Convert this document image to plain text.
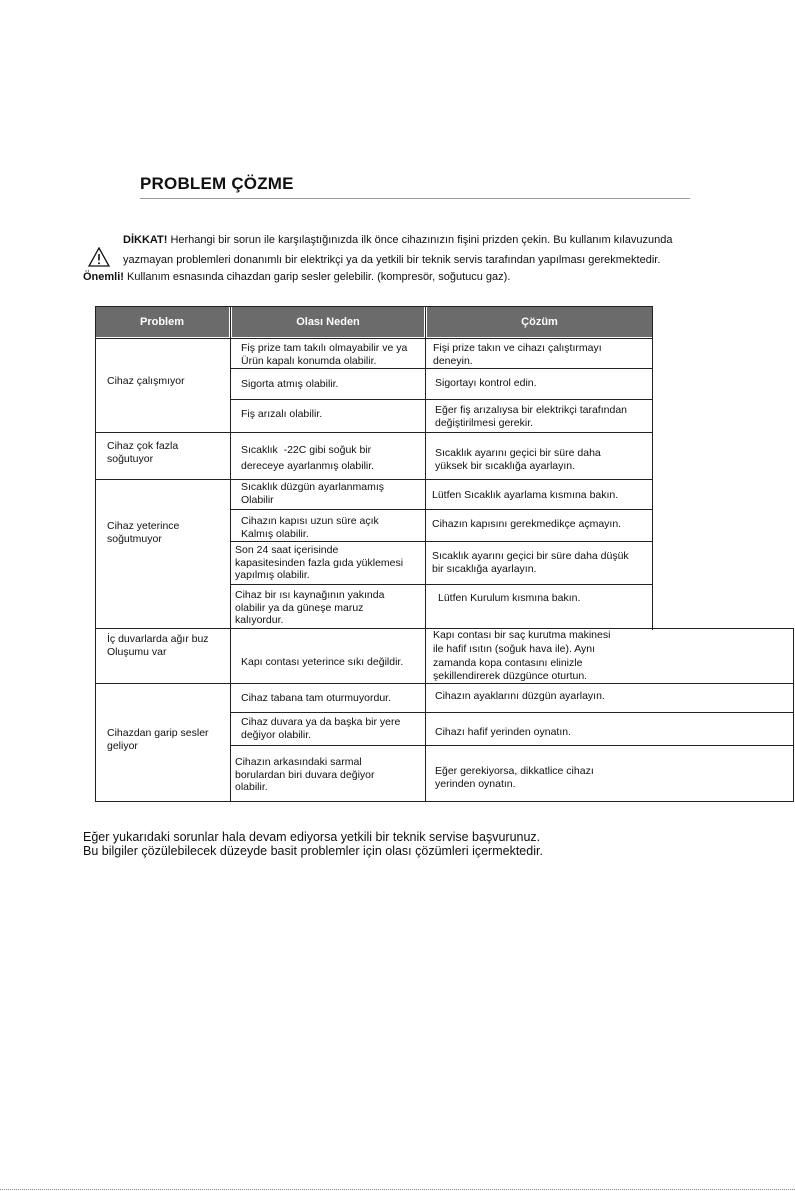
PROBLEM ÇÖZME
DİKKAT! Herhangi bir sorun ile karşılaştığınızda ilk önce cihazınızın fişini prizden çekin. Bu kullanım kılavuzunda
yazmayan problemleri donanımlı bir elektrikçi ya da yetkili bir teknik servis tarafından yapılması gerekmektedir.
Önemli! Kullanım esnasında cihazdan garip sesler gelebilir. (kompresör, soğutucu gaz).
Problem	Olası Neden	Çözüm
Cihaz çalışmıyor
Cihaz çok fazla
soğutuyor
Cihaz yeterince
soğutmuyor
İç duvarlarda ağır buz
Oluşumu var
Cihazdan garip sesler
geliyor
Fiş prize tam takılı olmayabilir ve ya
Ürün kapalı konumda olabilir.
Sigorta atmış olabilir.
Fiş arızalı olabilir.
Sıcaklık  -22C gibi soğuk bir
dereceye ayarlanmış olabilir.
Sıcaklık düzgün ayarlanmamış
Olabilir
Cihazın kapısı uzun süre açık
Kalmış olabilir.
Son 24 saat içerisinde
kapasitesinden fazla gıda yüklemesi
yapılmış olabilir.
Cihaz bir ısı kaynağının yakında
olabilir ya da güneşe maruz
kalıyordur.
Kapı contası yeterince sıkı değildir.
Cihaz tabana tam oturmuyordur.
Cihaz duvara ya da başka bir yere
değiyor olabilir.
Cihazın arkasındaki sarmal
borulardan biri duvara değiyor
olabilir.
Fişi prize takın ve cihazı çalıştırmayı
deneyin.
Sigortayı kontrol edin.
Eğer fiş arızalıysa bir elektrikçi tarafından
değiştirilmesi gerekir.
Sıcaklık ayarını geçici bir süre daha
yüksek bir sıcaklığa ayarlayın.
Lütfen Sıcaklık ayarlama kısmına bakın.
Cihazın kapısını gerekmedikçe açmayın.
Sıcaklık ayarını geçici bir süre daha düşük
bir sıcaklığa ayarlayın.
Lütfen Kurulum kısmına bakın.
Kapı contası bir saç kurutma makinesi
ile hafif ısıtın (soğuk hava ile). Aynı
zamanda kopa contasını elinizle
şekillendirerek düzgünce oturtun.
Cihazın ayaklarını düzgün ayarlayın.
Cihazı hafif yerinden oynatın.
Eğer gerekiyorsa, dikkatlice cihazı
yerinden oynatın.
Eğer yukarıdaki sorunlar hala devam ediyorsa yetkili bir teknik servise başvurunuz.
Bu bilgiler çözülebilecek düzeyde basit problemler için olası çözümleri içermektedir.
